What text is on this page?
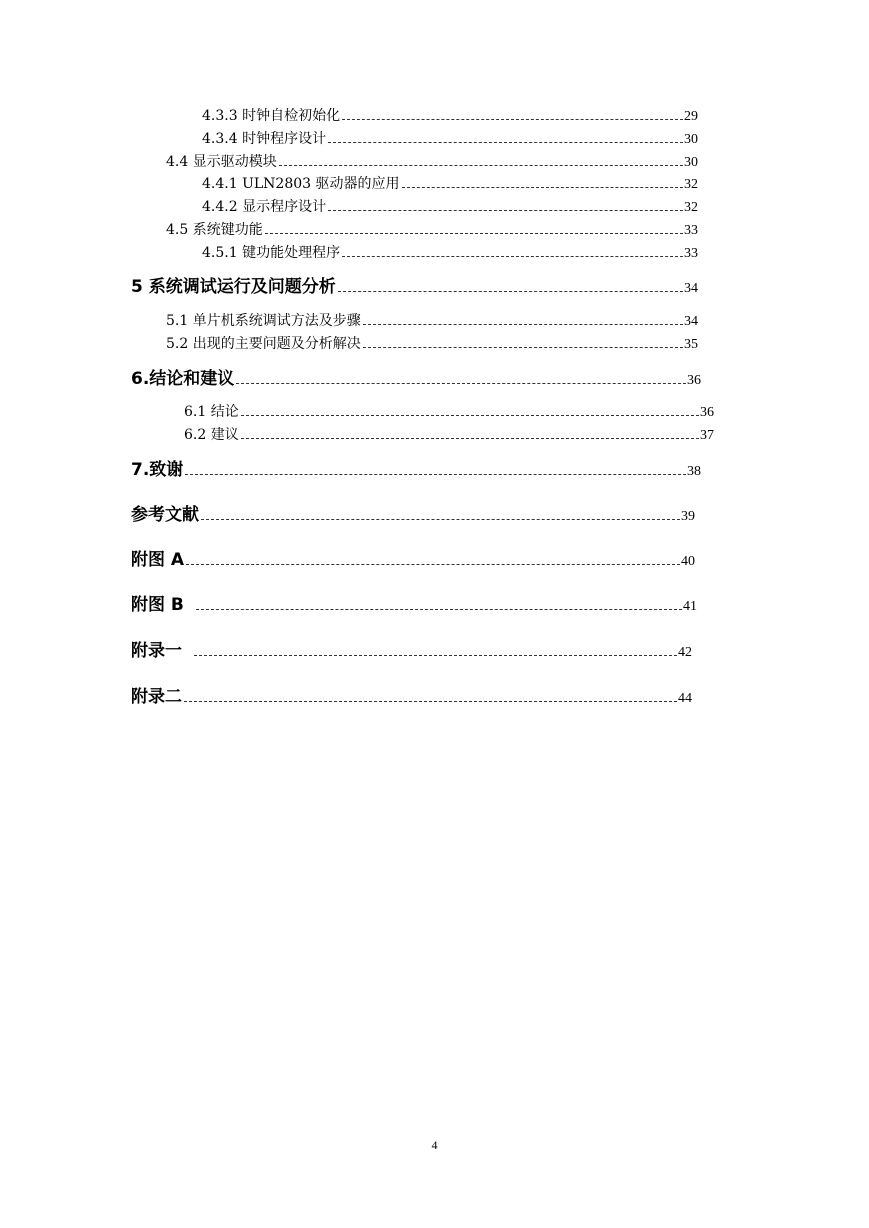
4.3.3 时钟自检初始化	29
4.3.4 时钟程序设计	30
4.4 显示驱动模块	30
4.4.1 ULN2803 驱动器的应用	32
4.4.2 显示程序设计	32
4.5 系统键功能	33
4.5.1 键功能处理程序	33
5 系统调试运行及问题分析	34
5.1 单片机系统调试方法及步骤	34
5.2 出现的主要问题及分析解决	35
6.结论和建议	36
6.1 结论	36
6.2 建议	37
7.致谢	38
参考文献	39
附图 A	40
附图 B	41
附录一	42
附录二	44
4
